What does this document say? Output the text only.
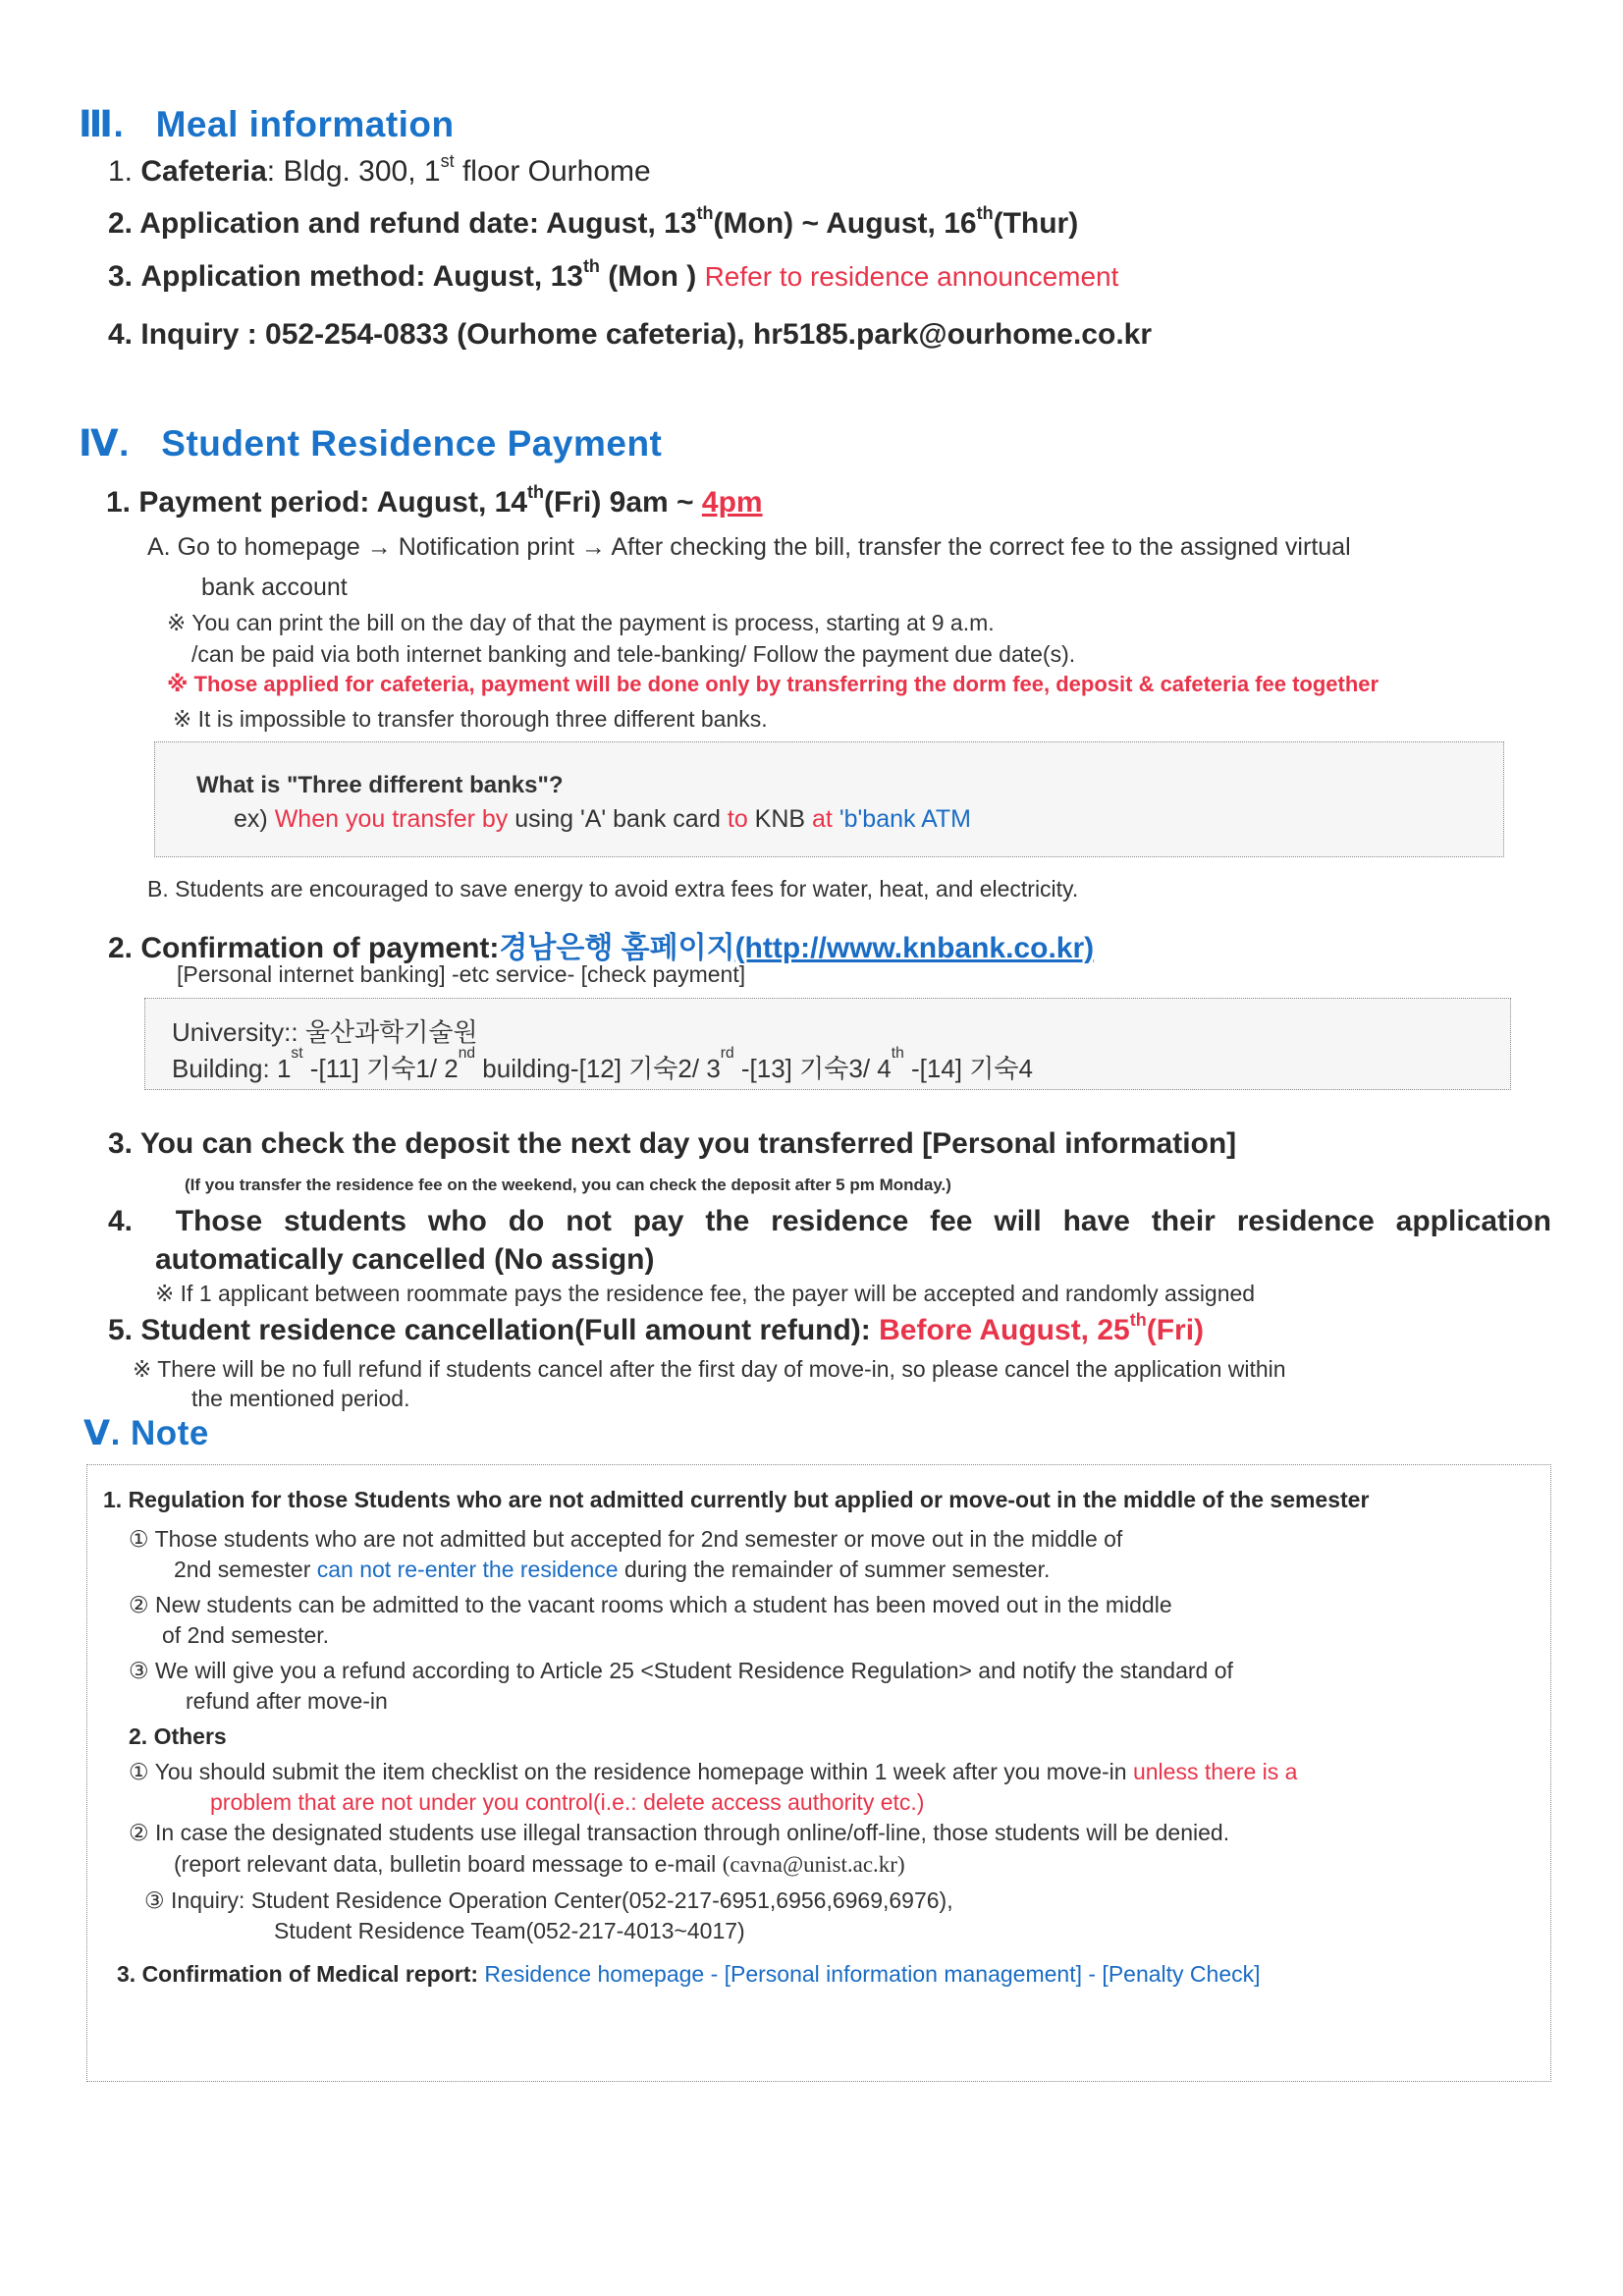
Ⅲ. Meal information
1. Cafeteria: Bldg. 300, 1st floor Ourhome
2. Application and refund date: August, 13th(Mon) ~ August, 16th(Thur)
3. Application method: August, 13th (Mon ) Refer to residence announcement
4. Inquiry : 052-254-0833 (Ourhome cafeteria), hr5185.park@ourhome.co.kr
Ⅳ. Student Residence Payment
1. Payment period: August, 14th(Fri) 9am ~ 4pm
A. Go to homepage → Notification print → After checking the bill, transfer the correct fee to the assigned virtual
bank account
※ You can print the bill on the day of that the payment is process, starting at 9 a.m.
/can be paid via both internet banking and tele-banking/ Follow the payment due date(s).
※ Those applied for cafeteria, payment will be done only by transferring the dorm fee, deposit & cafeteria fee together
※ It is impossible to transfer thorough three different banks.
What is "Three different banks"?
ex) When you transfer by using 'A' bank card to KNB at 'b'bank ATM
B. Students are encouraged to save energy to avoid extra fees for water, heat, and electricity.
2. Confirmation of payment:경남은행 홈페이지(http://www.knbank.co.kr)
[Personal internet banking] -etc service- [check payment]
University:: 울산과학기술원
Building: 1st -[11] 기숙1/ 2nd building-[12] 기숙2/ 3rd -[13] 기숙3/ 4th -[14] 기숙4
3. You can check the deposit the next day you transferred [Personal information]
(If you transfer the residence fee on the weekend, you can check the deposit after 5 pm Monday.)
4. Those students who do not pay the residence fee will have their residence application
automatically cancelled (No assign)
※ If 1 applicant between roommate pays the residence fee, the payer will be accepted and randomly assigned
5. Student residence cancellation(Full amount refund): Before August, 25th(Fri)
※ There will be no full refund if students cancel after the first day of move-in, so please cancel the application within
the mentioned period.
Ⅴ. Note
1. Regulation for those Students who are not admitted currently but applied or move-out in the middle of the semester
① Those students who are not admitted but accepted for 2nd semester or move out in the middle of
2nd semester can not re-enter the residence during the remainder of summer semester.
② New students can be admitted to the vacant rooms which a student has been moved out in the middle
of 2nd semester.
③ We will give you a refund according to Article 25 <Student Residence Regulation> and notify the standard of
refund after move-in
2. Others
① You should submit the item checklist on the residence homepage within 1 week after you move-in unless there is a
problem that are not under you control(i.e.: delete access authority etc.)
② In case the designated students use illegal transaction through online/off-line, those students will be denied.
(report relevant data, bulletin board message to e-mail (cavna@unist.ac.kr)
③ Inquiry: Student Residence Operation Center(052-217-6951,6956,6969,6976),
Student Residence Team(052-217-4013~4017)
3. Confirmation of Medical report: Residence homepage - [Personal information management] - [Penalty Check]
